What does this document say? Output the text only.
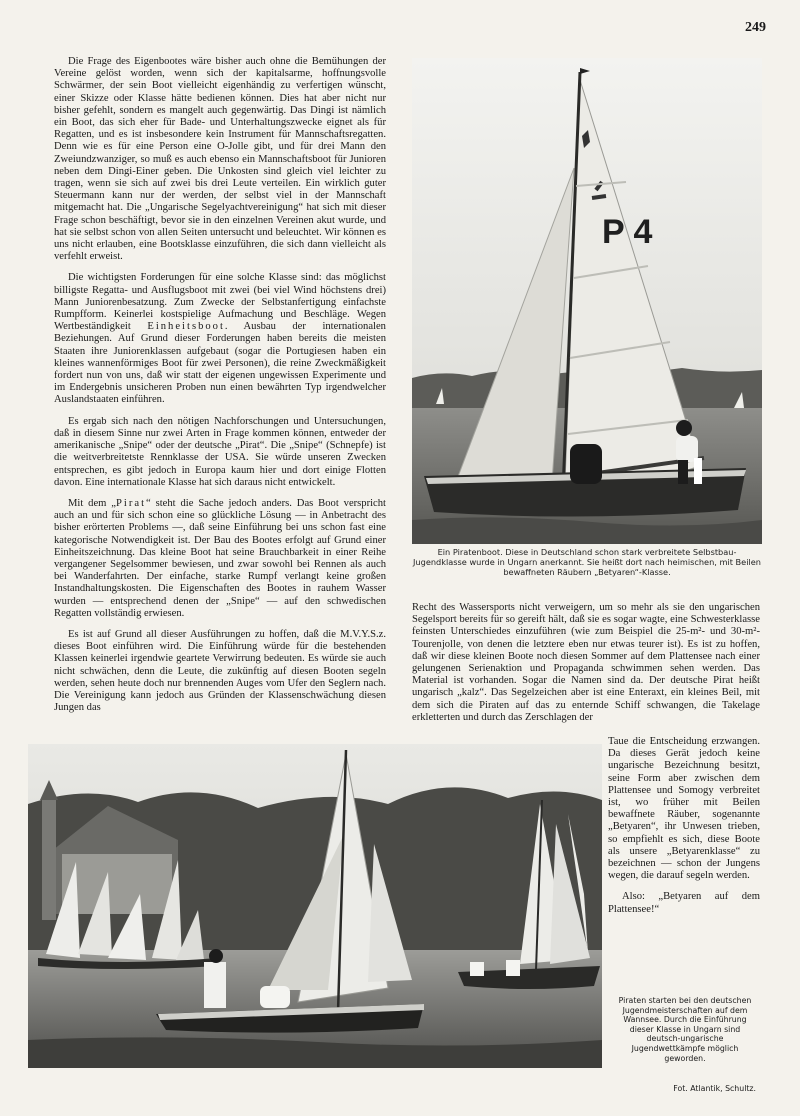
249

Die Frage des Eigenbootes wäre bisher auch ohne die Bemühungen der Vereine gelöst worden, wenn sich der kapitalsarme, hoffnungsvolle Schwärmer, der sein Boot vielleicht eigenhändig zu verfertigen wünscht, einer Skizze oder Klasse hätte bedienen können. Dies hat aber nicht nur bisher gefehlt, sondern es mangelt auch gegenwärtig. Das Dingi ist nämlich ein Boot, das sich eher für Bade- und Unterhaltungszwecke eignet als für Regatten, und es ist insbesondere kein Instrument für Mannschaftsregatten. Denn wie es für eine Person eine O-Jolle gibt, und für drei Mann den Zweiundzwanziger, so muß es auch ebenso ein Mannschaftsboot für Junioren neben dem Dingi-Einer geben. Die Unkosten sind gleich viel leichter zu tragen, wenn sie sich auf zwei bis drei Leute verteilen. Ein wirklich guter Steuermann kann nur der werden, der selbst viel in der Mannschaft mitgemacht hat. Die „Ungarische Segelyachtvereinigung“ hat sich mit dieser Frage schon beschäftigt, bevor sie in den einzelnen Vereinen akut wurde, und hat sie selbst schon von allen Seiten untersucht und beleuchtet. Wir können es uns nicht erlauben, eine Bootsklasse einzuführen, die sich dann vielleicht als verfehlt erweist.

Die wichtigsten Forderungen für eine solche Klasse sind: das möglichst billigste Regatta- und Ausflugsboot mit zwei (bei viel Wind höchstens drei) Mann Juniorenbesatzung. Zum Zwecke der Selbstanfertigung einfachste Rumpfform. Keinerlei kostspielige Aufmachung und Beschläge. Wegen Wertbeständigkeit Einheitsboot. Ausbau der internationalen Beziehungen. Auf Grund dieser Forderungen haben bereits die meisten Staaten ihre Juniorenklassen aufgebaut (sogar die Portugiesen haben ein kleines wannenförmiges Boot für zwei Personen), die reine Zweckmäßigkeit fordert nun von uns, daß wir statt der eigenen ungewissen Experimente und im Endergebnis unsicheren Proben nun einen bewährten Typ irgendwelcher Auslandstaaten einführen.

Es ergab sich nach den nötigen Nachforschungen und Untersuchungen, daß in diesem Sinne nur zwei Arten in Frage kommen können, entweder der amerikanische „Snipe“ oder der deutsche „Pirat“. Die „Snipe“ (Schnepfe) ist die weitverbreitetste Rennklasse der USA. Sie würde unseren Zwecken entsprechen, es gibt jedoch in Europa kaum hier und dort einige Flotten davon. Eine internationale Klasse hat sich daraus nicht entwickelt.

Mit dem „Pirat“ steht die Sache jedoch anders. Das Boot verspricht auch an und für sich schon eine so glückliche Lösung — in Anbetracht des bisher erörterten Problems —, daß seine Einführung bei uns schon fast eine kategorische Notwendigkeit ist. Der Bau des Bootes erfolgt auf Grund einer Einheitszeichnung. Das kleine Boot hat seine Brauchbarkeit in einer Reihe vergangener Segelsommer bewiesen, und zwar sowohl bei Rennen als auch bei Wanderfahrten. Der einfache, starke Rumpf verlangt keine großen Instandhaltungskosten. Die Eigenschaften des Bootes in rauhem Wasser wurden — entsprechend denen der „Snipe“ — auf den schwedischen Regatten vollständig erwiesen.

Es ist auf Grund all dieser Ausführungen zu hoffen, daß die M.V.Y.S.z. dieses Boot einführen wird. Die Einführung würde für die bestehenden Klassen keinerlei irgendwie geartete Verwirrung bedeuten. Es würde sie auch nicht schwächen, denn die Leute, die zukünftig auf diesen Booten segeln werden, sehen heute doch nur brennenden Auges vom Ufer den Seglern nach. Die Vereinigung kann jedoch aus Gründen der Klassenschwächung diesen Jungen das

P 4
Ein Piratenboot. Diese in Deutschland schon stark verbreitete Selbstbau-Jugendklasse wurde in Ungarn anerkannt. Sie heißt dort nach heimischen, mit Beilen bewaffneten Räubern „Betyaren“-Klasse.

Recht des Wassersports nicht verweigern, um so mehr als sie den ungarischen Segelsport bereits für so gereift hält, daß sie es sogar wagte, eine Schwesterklasse feinsten Unterschiedes einzuführen (wie zum Beispiel die 25-m²- und 30-m²-Tourenjolle, von denen die letztere eben nur etwas teurer ist). Es ist zu hoffen, daß wir diese kleinen Boote noch diesen Sommer auf dem Plattensee nach einer gelungenen Serienaktion und Propaganda schwimmen sehen werden. Das Material ist vorhanden. Sogar die Namen sind da. Der deutsche Pirat heißt ungarisch „kalz“. Das Segelzeichen aber ist eine Enteraxt, ein kleines Beil, mit dem sich die Piraten auf das zu enternde Schiff schwangen, die Takelage erkletterten und durch das Zerschlagen der

Taue die Entscheidung erzwangen. Da dieses Gerät jedoch keine ungarische Bezeichnung besitzt, seine Form aber zwischen dem Plattensee und Somogy verbreitet ist, wo früher mit Beilen bewaffnete Räuber, sogenannte „Betyaren“, ihr Unwesen trieben, so empfiehlt es sich, diese Boote als unsere „Betyarenklasse“ zu bezeichnen — schon der Jungens wegen, die darauf segeln werden.

Also: „Betyaren auf dem Plattensee!“

Piraten starten bei den deutschen Jugendmeisterschaften auf dem Wannsee. Durch die Einführung dieser Klasse in Ungarn sind deutsch-ungarische Jugendwettkämpfe möglich geworden.
Fot. Atlantik, Schultz.
